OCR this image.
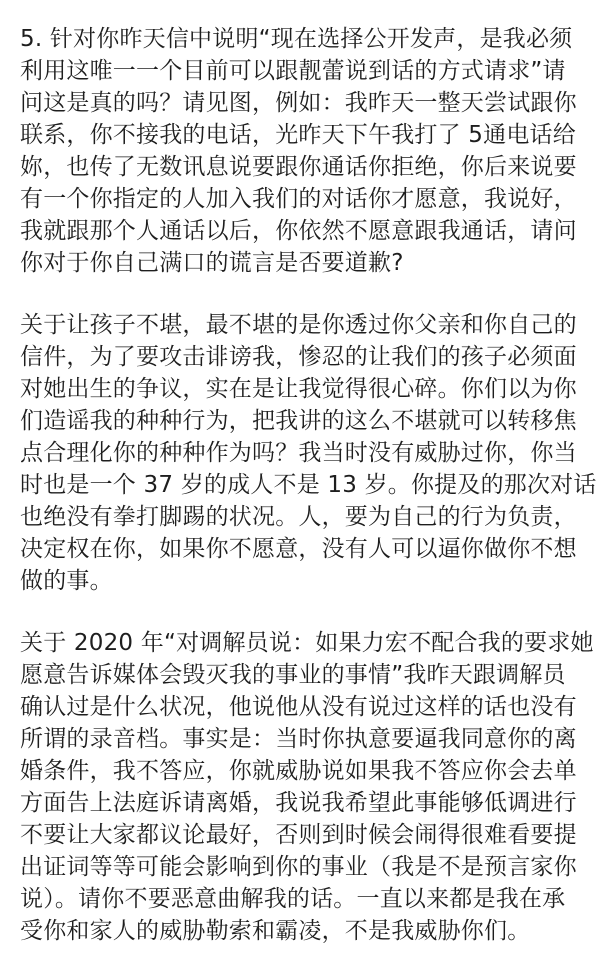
5. 针对你昨天信中说明“现在选择公开发声，是我必须
利用这唯一一个目前可以跟靓蕾说到话的方式请求”请
问这是真的吗？请见图，例如：我昨天一整天尝试跟你
联系，你不接我的电话，光昨天下午我打了 5通电话给
妳，也传了无数讯息说要跟你通话你拒绝，你后来说要
有一个你指定的人加入我们的对话你才愿意，我说好，
我就跟那个人通话以后，你依然不愿意跟我通话，请问
你对于你自己满口的谎言是否要道歉?
关于让孩子不堪，最不堪的是你透过你父亲和你自己的
信件，为了要攻击诽谤我，惨忍的让我们的孩子必须面
对她出生的争议，实在是让我觉得很心碎。你们以为你
们造谣我的种种行为，把我讲的这么不堪就可以转移焦
点合理化你的种种作为吗？我当时没有威胁过你，你当
时也是一个 37 岁的成人不是 13 岁。你提及的那次对话
也绝没有拳打脚踢的状况。人，要为自己的行为负责，
决定权在你，如果你不愿意，没有人可以逼你做你不想
做的事。
关于 2020 年“对调解员说：如果力宏不配合我的要求她
愿意告诉媒体会毁灭我的事业的事情”我昨天跟调解员
确认过是什么状况，他说他从没有说过这样的话也没有
所谓的录音档。事实是：当时你执意要逼我同意你的离
婚条件，我不答应，你就威胁说如果我不答应你会去单
方面告上法庭诉请离婚，我说我希望此事能够低调进行
不要让大家都议论最好，否则到时候会闹得很难看要提
出证词等等可能会影响到你的事业（我是不是预言家你
说）。请你不要恶意曲解我的话。一直以来都是我在承
受你和家人的威胁勒索和霸凌，不是我威胁你们。
